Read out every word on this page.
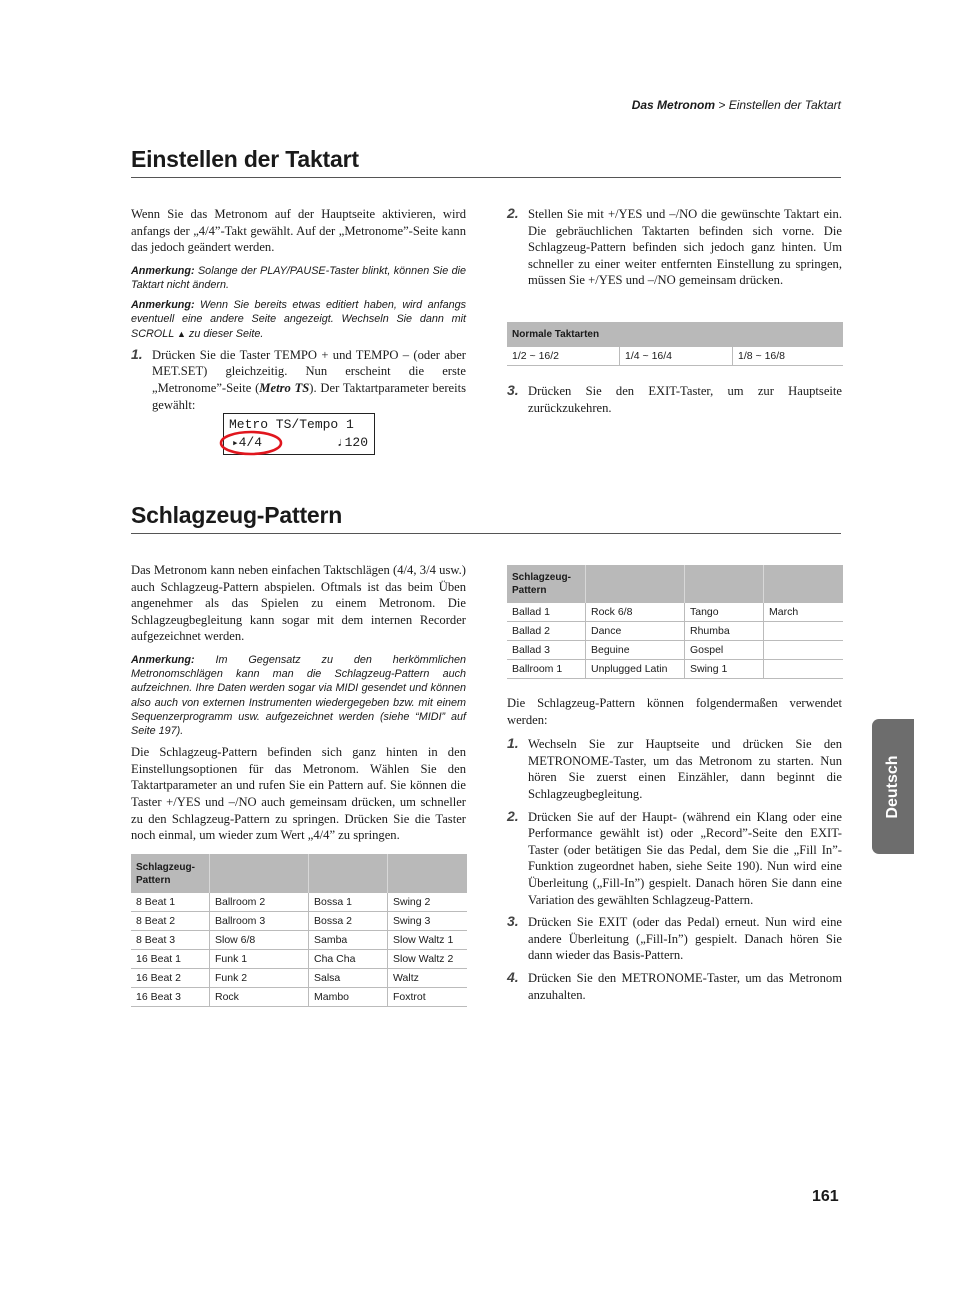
Das Metronom > Einstellen der Taktart
Einstellen der Taktart

Wenn Sie das Metronom auf der Hauptseite aktivieren, wird anfangs der „4/4”-Takt gewählt. Auf der „Metronome”-Seite kann das jedoch geändert werden.

Anmerkung: Solange der PLAY/PAUSE-Taster blinkt, können Sie die Taktart nicht ändern.

Anmerkung: Wenn Sie bereits etwas editiert haben, wird anfangs eventuell eine andere Seite angezeigt. Wechseln Sie dann mit SCROLL ▲ zu dieser Seite.

1. Drücken Sie die Taster TEMPO + und TEMPO – (oder aber MET.SET) gleichzeitig. Nun erscheint die erste „Metronome”-Seite (Metro TS). Der Taktartparameter bereits gewählt:
Metro TS/Tempo 1
▸4/4	♩120
2. Stellen Sie mit +/YES und –/NO die gewünschte Taktart ein. Die gebräuchlichen Taktarten befinden sich vorne. Die Schlagzeug-Pattern befinden sich jedoch ganz hinten. Um schneller zu einer weiter entfernten Einstellung zu springen, müssen Sie +/YES und –/NO gemeinsam drücken.
Normale Taktarten
1/2 ~ 16/2	1/4 ~ 16/4	1/8 ~ 16/8
3. Drücken Sie den EXIT-Taster, um zur Hauptseite zurückzukehren.
Schlagzeug-Pattern

Das Metronom kann neben einfachen Taktschlägen (4/4, 3/4 usw.) auch Schlagzeug-Pattern abspielen. Oftmals ist das beim Üben angenehmer als das Spielen zu einem Metronom. Die Schlagzeugbegleitung kann sogar mit dem internen Recorder aufgezeichnet werden.

Anmerkung: Im Gegensatz zu den herkömmlichen Metronomschlägen kann man die Schlagzeug-Pattern auch aufzeichnen. Ihre Daten werden sogar via MIDI gesendet und können also auch von externen Instrumenten wiedergegeben bzw. mit einem Sequenzerprogramm usw. aufgezeichnet werden (siehe “MIDI” auf Seite 197).

Die Schlagzeug-Pattern befinden sich ganz hinten in den Einstellungsoptionen für das Metronom. Wählen Sie den Taktartparameter an und rufen Sie ein Pattern auf. Sie können die Taster +/YES und –/NO auch gemeinsam drücken, um schneller zu den Schlagzeug-Pattern zu springen. Drücken Sie die Taster noch einmal, um wieder zum Wert „4/4” zu springen.

Schlagzeug-Pattern			
8 Beat 1	Ballroom 2	Bossa 1	Swing 2
8 Beat 2	Ballroom 3	Bossa 2	Swing 3
8 Beat 3	Slow 6/8	Samba	Slow Waltz 1
16 Beat 1	Funk 1	Cha Cha	Slow Waltz 2
16 Beat 2	Funk 2	Salsa	Waltz
16 Beat 3	Rock	Mambo	Foxtrot
Schlagzeug-Pattern			
Ballad 1	Rock 6/8	Tango	March
Ballad 2	Dance	Rhumba	
Ballad 3	Beguine	Gospel	
Ballroom 1	Unplugged Latin	Swing 1	

Die Schlagzeug-Pattern können folgendermaßen verwendet werden:

1. Wechseln Sie zur Hauptseite und drücken Sie den METRONOME-Taster, um das Metronom zu starten. Nun hören Sie zuerst einen Einzähler, dann beginnt die Schlagzeugbegleitung.
2. Drücken Sie auf der Haupt- (während ein Klang oder eine Performance gewählt ist) oder „Record”-Seite den EXIT-Taster (oder betätigen Sie das Pedal, dem Sie die „Fill In”-Funktion zugeordnet haben, siehe Seite 190). Nun wird eine Überleitung („Fill-In”) gespielt. Danach hören Sie dann eine Variation des gewählten Schlagzeug-Pattern.
3. Drücken Sie EXIT (oder das Pedal) erneut. Nun wird eine andere Überleitung („Fill-In”) gespielt. Danach hören Sie dann wieder das Basis-Pattern.
4. Drücken Sie den METRONOME-Taster, um das Metronom anzuhalten.
Deutsch
161
